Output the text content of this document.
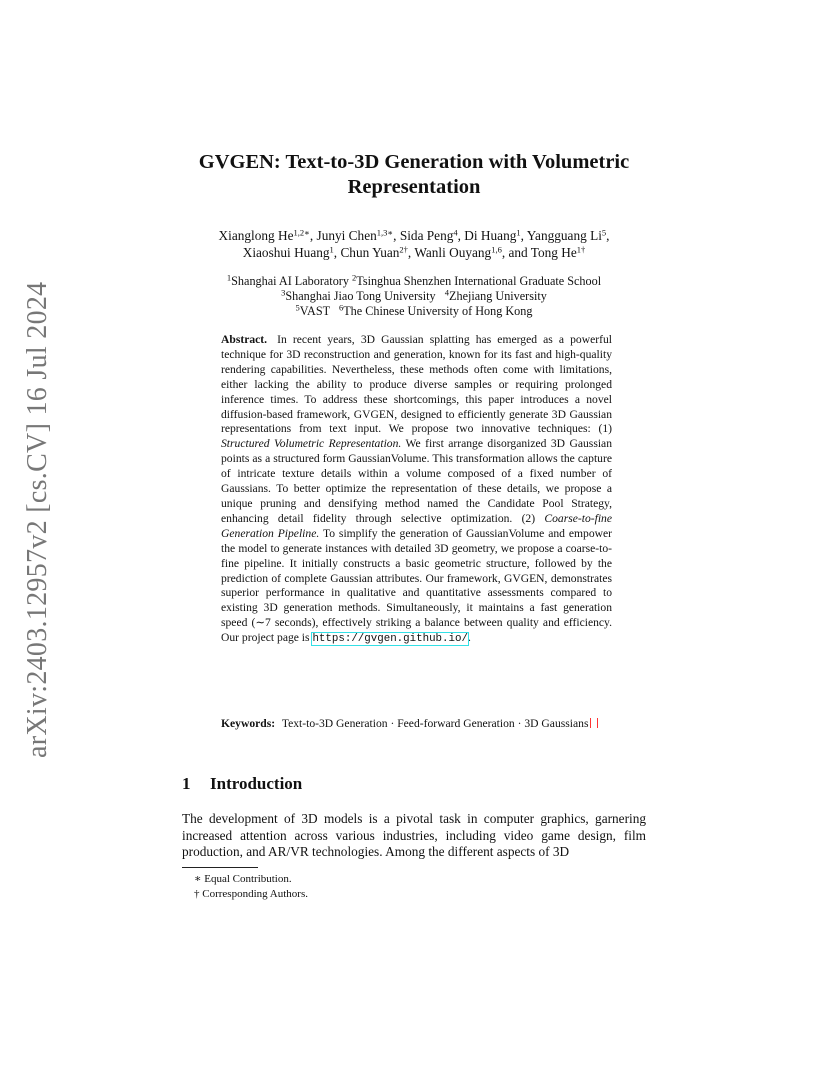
arXiv:2403.12957v2 [cs.CV] 16 Jul 2024
GVGEN: Text-to-3D Generation with Volumetric Representation
Xianglong $He^{1,2∗}$, Junyi Chen$^{1,3∗}$, Sida Peng$^4$, Di Huang$^1$, Yangguang Li$^5$,
Xiaoshui Huang$^1$, Chun Yuan$^{2\dagger}$, Wanli Ouyang$^{1,6}$, and Tong $He^{1\dagger}$
$^1$Shanghai AI Laboratory $^2$Tsinghua Shenzhen International Graduate School
$^3$Shanghai Jiao Tong University $^4$Zhejiang University
$^5$VAST $^6$The Chinese University of Hong Kong
Abstract. In recent years, 3D Gaussian splatting has emerged as a powerful technique for 3D reconstruction and generation, known for its fast and high-quality rendering capabilities. Nevertheless, these methods often come with limitations, either lacking the ability to produce diverse samples or requiring prolonged inference times. To address these shortcomings, this paper introduces a novel diffusion-based framework, GVGEN, designed to efficiently generate 3D Gaussian representations from text input. We propose two innovative techniques: (1) Structured Volumetric Representation. We first arrange disorganized 3D Gaussian points as a structured form GaussianVolume. This transformation allows the capture of intricate texture details within a volume composed of a fixed number of Gaussians. To better optimize the representation of these details, we propose a unique pruning and densifying method named the Candidate Pool Strategy, enhancing detail fidelity through selective optimization. (2) Coarse-to-fine Generation Pipeline. To simplify the generation of GaussianVolume and empower the model to generate instances with detailed 3D geometry, we propose a coarse-to-fine pipeline. It initially constructs a basic geometric structure, followed by the prediction of complete Gaussian attributes. Our framework, GVGEN, demonstrates superior performance in qualitative and quantitative assessments compared to existing 3D generation methods. Simultaneously, it maintains a fast generation speed (∼7 seconds), effectively striking a balance between quality and efficiency. Our project page is https://gvgen.github.io/.
Keywords: Text-to-3D Generation · Feed-forward Generation · 3D Gaussians
1 Introduction
The development of 3D models is a pivotal task in computer graphics, garnering increased attention across various industries, including video game design, film production, and AR/VR technologies. Among the different aspects of 3D
∗ Equal Contribution.
† Corresponding Authors.
